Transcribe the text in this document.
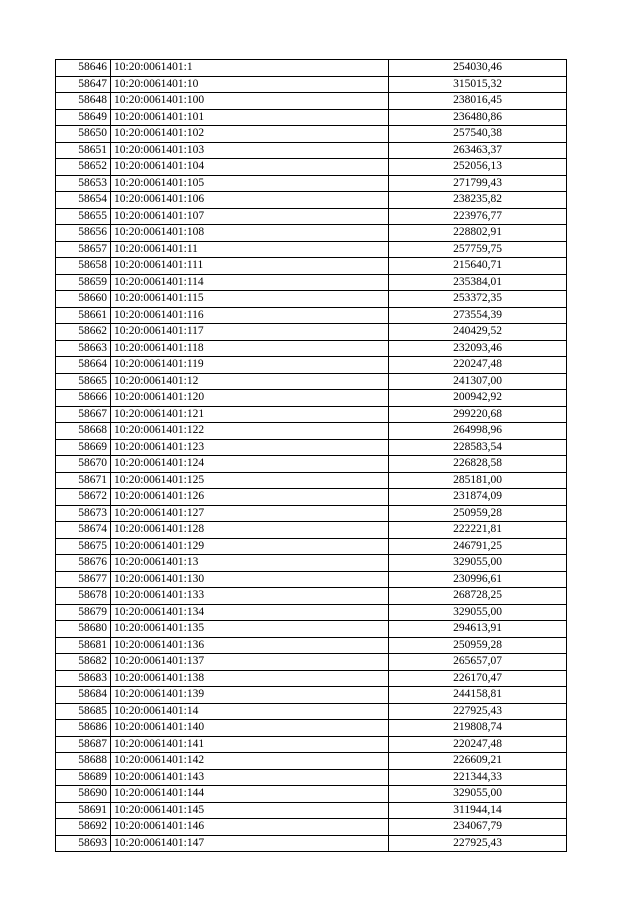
58646	10:20:0061401:1	254030,46
58647	10:20:0061401:10	315015,32
58648	10:20:0061401:100	238016,45
58649	10:20:0061401:101	236480,86
58650	10:20:0061401:102	257540,38
58651	10:20:0061401:103	263463,37
58652	10:20:0061401:104	252056,13
58653	10:20:0061401:105	271799,43
58654	10:20:0061401:106	238235,82
58655	10:20:0061401:107	223976,77
58656	10:20:0061401:108	228802,91
58657	10:20:0061401:11	257759,75
58658	10:20:0061401:111	215640,71
58659	10:20:0061401:114	235384,01
58660	10:20:0061401:115	253372,35
58661	10:20:0061401:116	273554,39
58662	10:20:0061401:117	240429,52
58663	10:20:0061401:118	232093,46
58664	10:20:0061401:119	220247,48
58665	10:20:0061401:12	241307,00
58666	10:20:0061401:120	200942,92
58667	10:20:0061401:121	299220,68
58668	10:20:0061401:122	264998,96
58669	10:20:0061401:123	228583,54
58670	10:20:0061401:124	226828,58
58671	10:20:0061401:125	285181,00
58672	10:20:0061401:126	231874,09
58673	10:20:0061401:127	250959,28
58674	10:20:0061401:128	222221,81
58675	10:20:0061401:129	246791,25
58676	10:20:0061401:13	329055,00
58677	10:20:0061401:130	230996,61
58678	10:20:0061401:133	268728,25
58679	10:20:0061401:134	329055,00
58680	10:20:0061401:135	294613,91
58681	10:20:0061401:136	250959,28
58682	10:20:0061401:137	265657,07
58683	10:20:0061401:138	226170,47
58684	10:20:0061401:139	244158,81
58685	10:20:0061401:14	227925,43
58686	10:20:0061401:140	219808,74
58687	10:20:0061401:141	220247,48
58688	10:20:0061401:142	226609,21
58689	10:20:0061401:143	221344,33
58690	10:20:0061401:144	329055,00
58691	10:20:0061401:145	311944,14
58692	10:20:0061401:146	234067,79
58693	10:20:0061401:147	227925,43
